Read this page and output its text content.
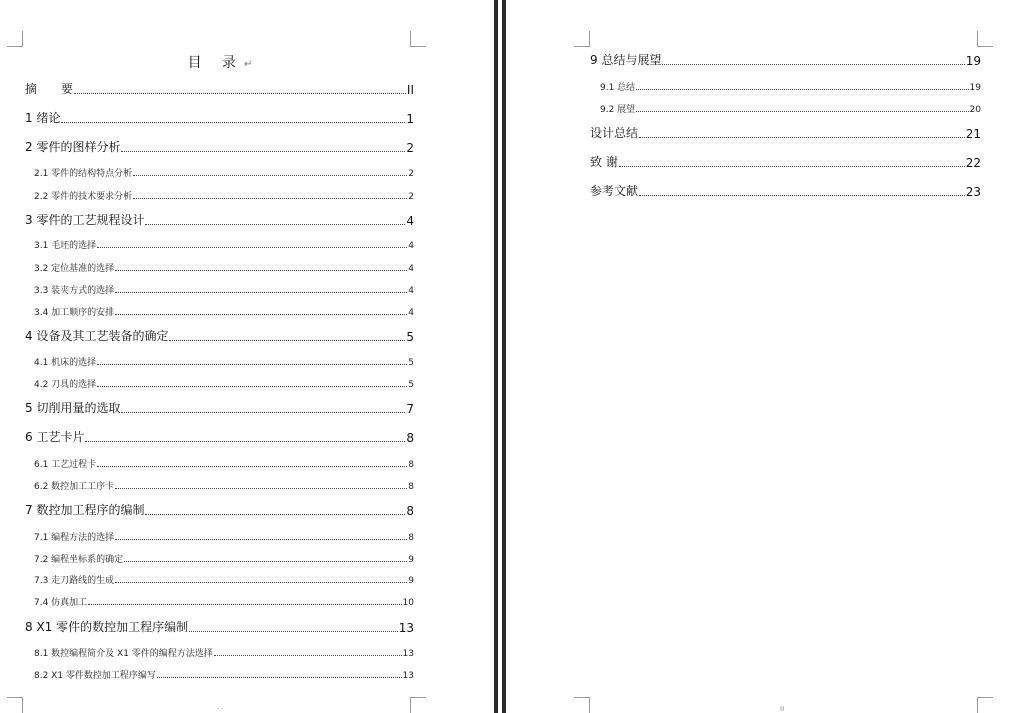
目 录↵
摘　　要	II
1 绪论	1
2 零件的图样分析	2
2.1 零件的结构特点分析	2
2.2 零件的技术要求分析	2
3 零件的工艺规程设计	4
3.1 毛坯的选择	4
3.2 定位基准的选择	4
3.3 装夹方式的选择	4
3.4 加工顺序的安排	4
4 设备及其工艺装备的确定	5
4.1 机床的选择	5
4.2 刀具的选择	5
5 切削用量的选取	7
6 工艺卡片	8
6.1 工艺过程卡	8
6.2 数控加工工序卡	8
7 数控加工程序的编制	8
7.1 编程方法的选择	8
7.2 编程坐标系的确定	9
7.3 走刀路线的生成	9
7.4 仿真加工	10
8 X1 零件的数控加工程序编制	13
8.1 数控编程简介及 X1 零件的编程方法选择	13
8.2 X1 零件数控加工程序编写	13
· ·
9 总结与展望	19
9.1 总结	19
9.2 展望	20
设计总结	21
致 谢	22
参考文献	23
II
